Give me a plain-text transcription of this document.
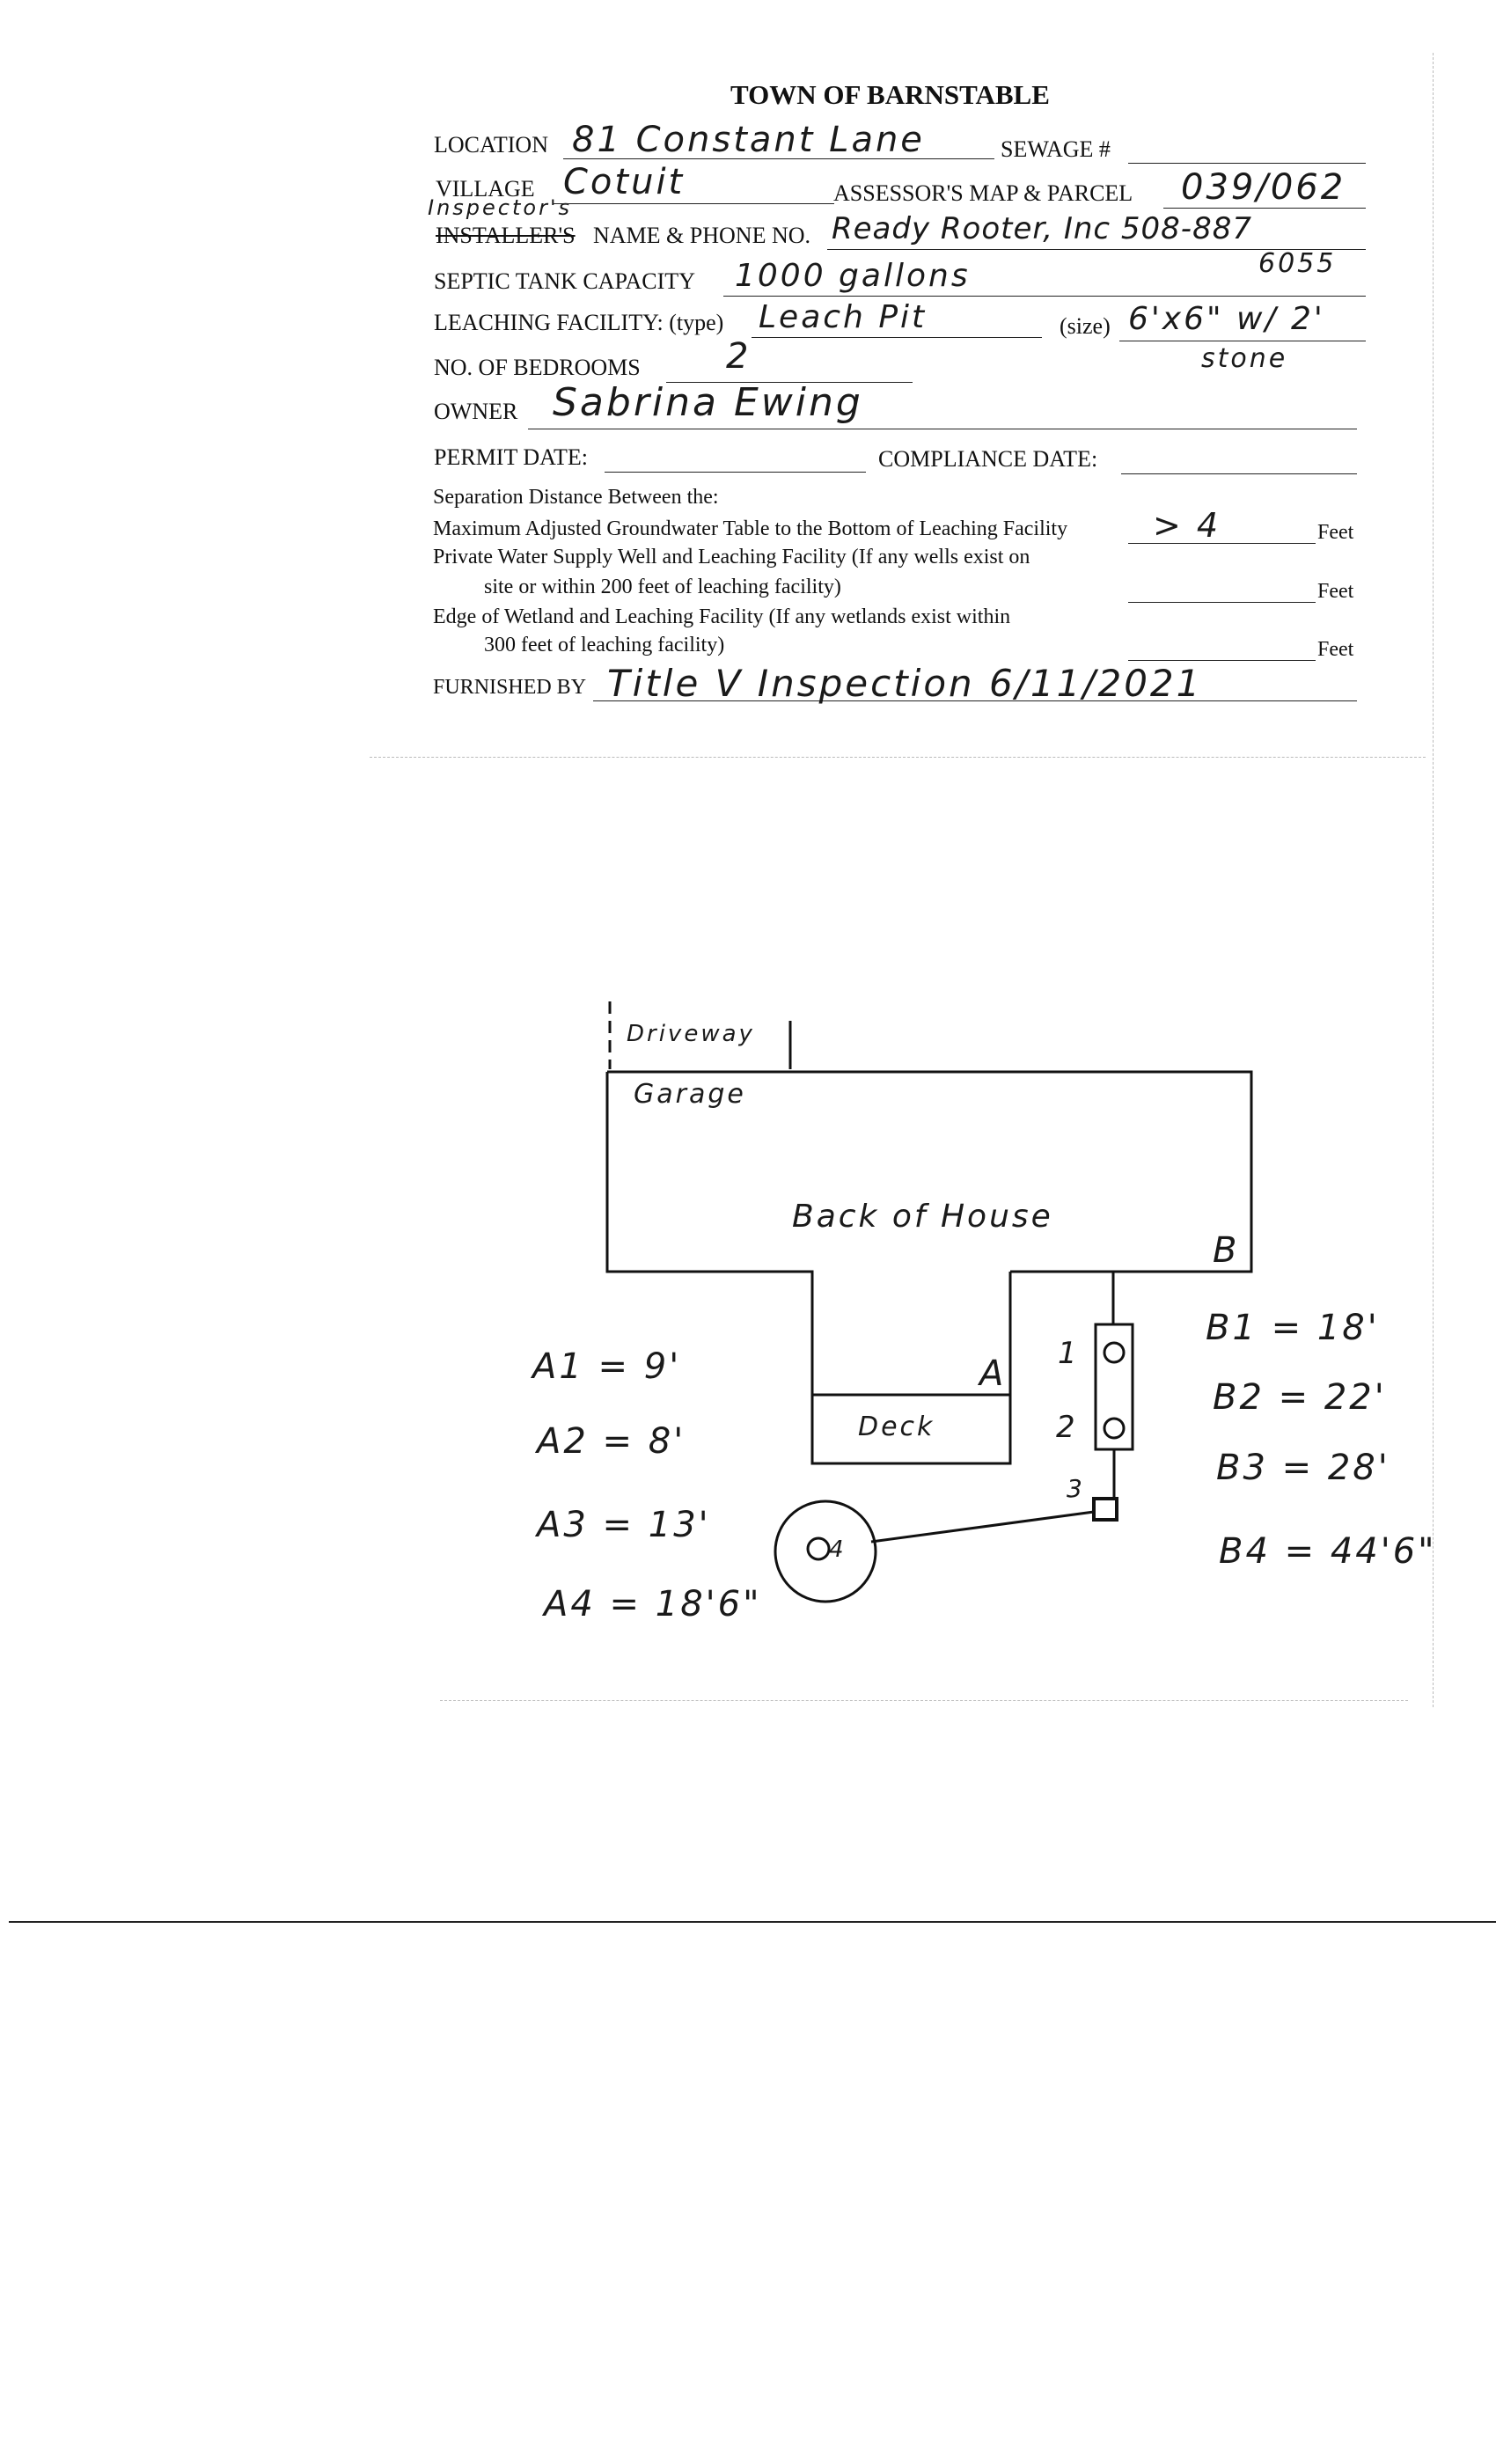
TOWN OF BARNSTABLE
LOCATION 81 Constant Lane	SEWAGE #
Inspector's
VILLAGE Cotuit	ASSESSOR'S MAP & PARCEL 039/062
INSTALLER'S NAME & PHONE NO. Ready Rooter, Inc 508-887
6055
SEPTIC TANK CAPACITY 1000 gallons
LEACHING FACILITY: (type) Leach Pit	(size) 6'x6" w/ 2'
stone
NO. OF BEDROOMS 2
OWNER Sabrina Ewing
PERMIT DATE:	COMPLIANCE DATE:
Separation Distance Between the:
Maximum Adjusted Groundwater Table to the Bottom of Leaching Facility	> 4	Feet
Private Water Supply Well and Leaching Facility (If any wells exist on
site or within 200 feet of leaching facility)	Feet
Edge of Wetland and Leaching Facility (If any wetlands exist within
300 feet of leaching facility)	Feet
FURNISHED BY Title V Inspection 6/11/2021
Driveway
Garage
Back of House
B
A
Deck
1
2
3
4
A1 = 9'
A2 = 8'
A3 = 13'
A4 = 18'6"
B1 = 18'
B2 = 22'
B3 = 28'
B4 = 44'6"
